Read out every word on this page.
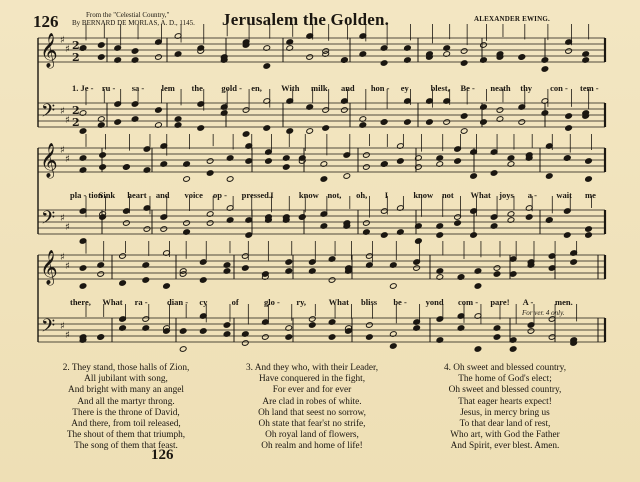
126	From the "Celestial Country,"
By BERNARD DE MORLAS, A. D., 1145. Jerusalem the Golden.	ALEXANDER EWING.
𝄞
𝄢
♯
♯
♯
♯
2
2
2
2
𝄞
𝄢
♯
♯
♯
♯
𝄞
𝄢
♯
♯
♯
♯
1. Je - ru - sa - lem the gold - en, With milk and hon - ey	blest, Be - neath thy con - tem -
pla - tion
Sink heart and voice op - pressed. I	know not, oh, I	know not What joys a - wait me
there, What ra - dian - cy	of	glo - ry,	What bliss be - yond com - pare! A -	men.
For ver. 4 only.
2. They stand, those halls of Zion,
All jubilant with song,
And bright with many an angel
And all the martyr throng.
There is the throne of David,
And there, from toil released,
The shout of them that triumph,
The song of them that feast.
3. And they who, with their Leader,
Have conquered in the fight,
For ever and for ever
Are clad in robes of white.
Oh land that seest no sorrow,
Oh state that fear'st no strife,
Oh royal land of flowers,
Oh realm and home of life!
4. Oh sweet and blessed country,
The home of God's elect;
Oh sweet and blessed country,
That eager hearts expect!
Jesus, in mercy bring us
To that dear land of rest,
Who art, with God the Father
And Spirit, ever blest. Amen.
126
